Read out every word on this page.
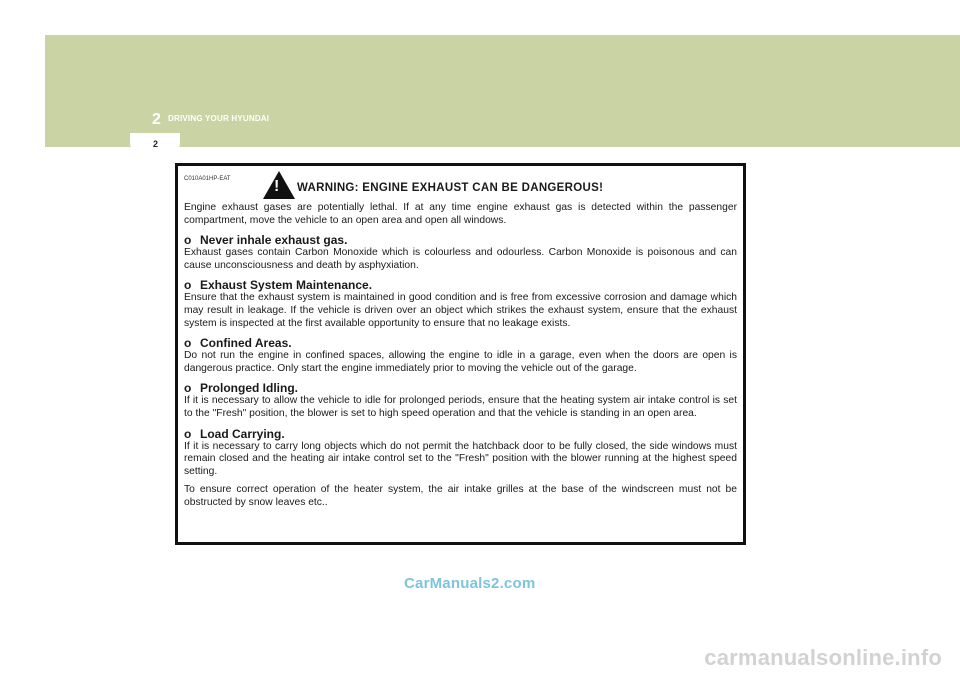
2 DRIVING YOUR HYUNDAI
2
C010A01HP-EAT	! WARNING: ENGINE EXHAUST CAN BE DANGEROUS!

Engine exhaust gases are potentially lethal. If at any time engine exhaust gas is detected within the passenger compartment, move the vehicle to an open area and open all windows.

o Never inhale exhaust gas.

Exhaust gases contain Carbon Monoxide which is colourless and odourless. Carbon Monoxide is poisonous and can cause unconsciousness and death by asphyxiation.

o Exhaust System Maintenance.

Ensure that the exhaust system is maintained in good condition and is free from excessive corrosion and damage which may result in leakage. If the vehicle is driven over an object which strikes the exhaust system, ensure that the exhaust system is inspected at the first available opportunity to ensure that no leakage exists.

o Confined Areas.

Do not run the engine in confined spaces, allowing the engine to idle in a garage, even when the doors are open is dangerous practice. Only start the engine immediately prior to moving the vehicle out of the garage.

o Prolonged Idling.

If it is necessary to allow the vehicle to idle for prolonged periods, ensure that the heating system air intake control is set to the "Fresh" position, the blower is set to high speed operation and that the vehicle is standing in an open area.

o Load Carrying.

If it is necessary to carry long objects which do not permit the hatchback door to be fully closed, the side windows must remain closed and the heating air intake control set to the "Fresh" position with the blower running at the highest speed setting.

To ensure correct operation of the heater system, the air intake grilles at the base of the windscreen must not be obstructed by snow leaves etc..

CarManuals2.com
carmanualsonline.info
